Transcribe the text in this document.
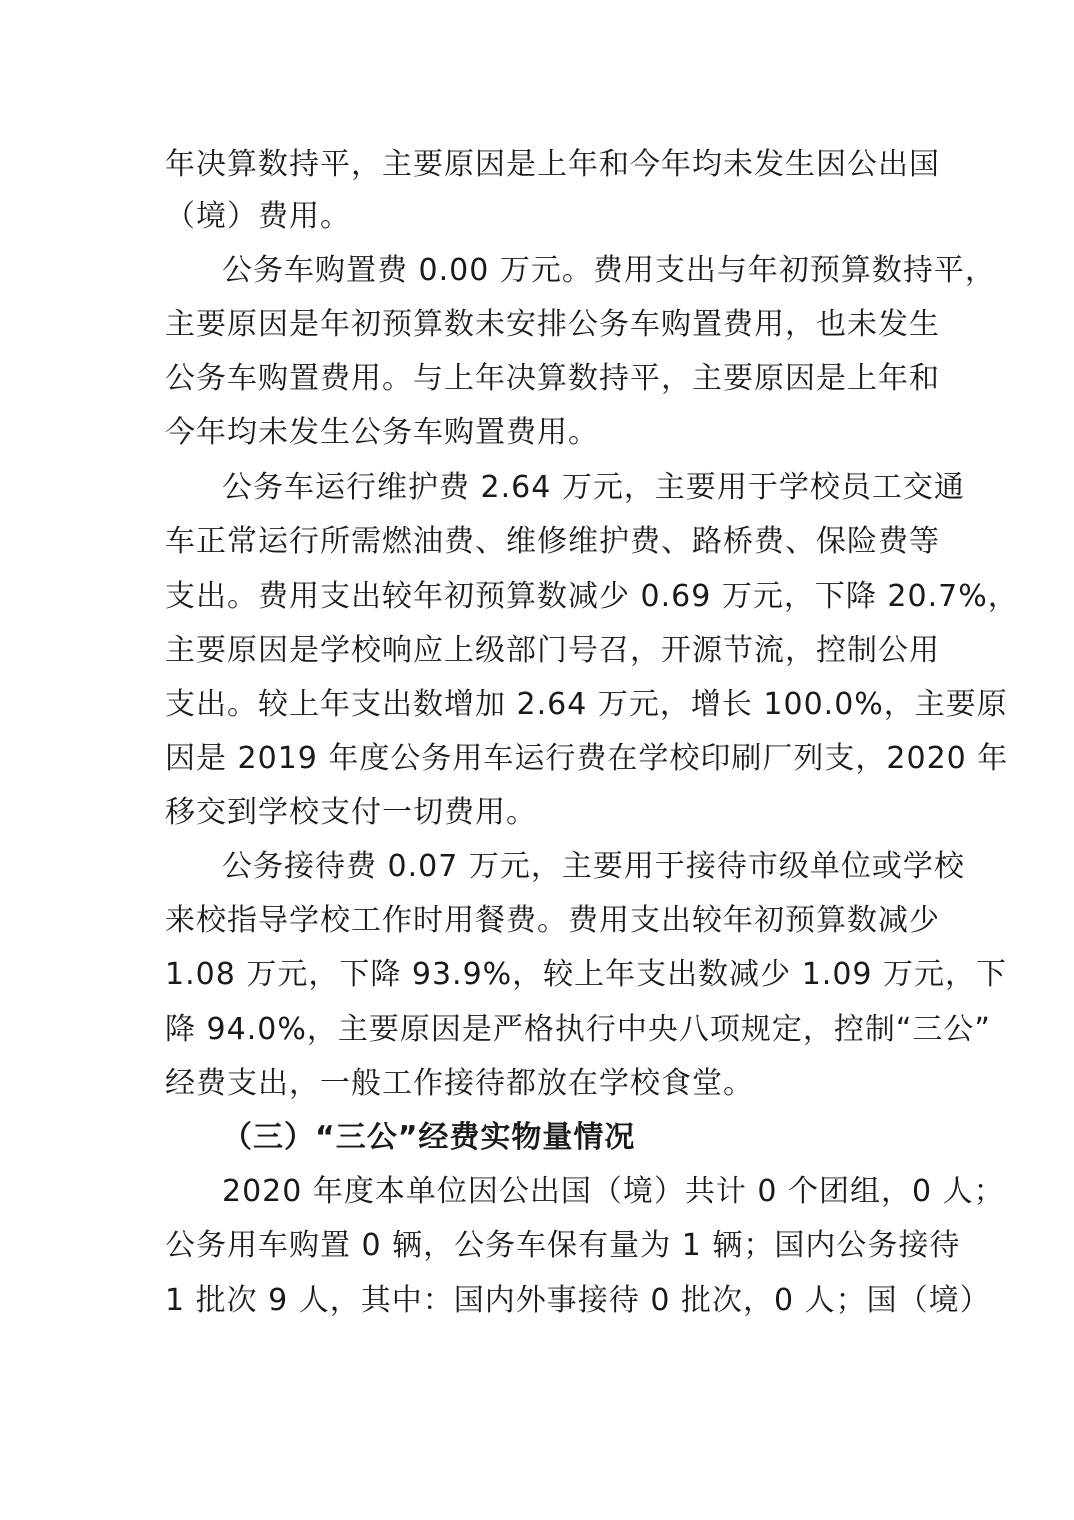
年决算数持平，主要原因是上年和今年均未发生因公出国
（境）费用。
公务车购置费 0.00 万元。费用支出与年初预算数持平，
主要原因是年初预算数未安排公务车购置费用，也未发生
公务车购置费用。与上年决算数持平，主要原因是上年和
今年均未发生公务车购置费用。
公务车运行维护费 2.64 万元，主要用于学校员工交通
车正常运行所需燃油费、维修维护费、路桥费、保险费等
支出。费用支出较年初预算数减少 0.69 万元，下降 20.7%，
主要原因是学校响应上级部门号召，开源节流，控制公用
支出。较上年支出数增加 2.64 万元，增长 100.0%，主要原
因是 2019 年度公务用车运行费在学校印刷厂列支，2020 年
移交到学校支付一切费用。
公务接待费 0.07 万元，主要用于接待市级单位或学校
来校指导学校工作时用餐费。费用支出较年初预算数减少
1.08 万元，下降 93.9%，较上年支出数减少 1.09 万元，下
降 94.0%，主要原因是严格执行中央八项规定，控制“三公”
经费支出，一般工作接待都放在学校食堂。
（三）“三公”经费实物量情况
2020 年度本单位因公出国（境）共计 0 个团组，0 人；
公务用车购置 0 辆，公务车保有量为 1 辆；国内公务接待
1 批次 9 人，其中：国内外事接待 0 批次，0 人；国（境）
